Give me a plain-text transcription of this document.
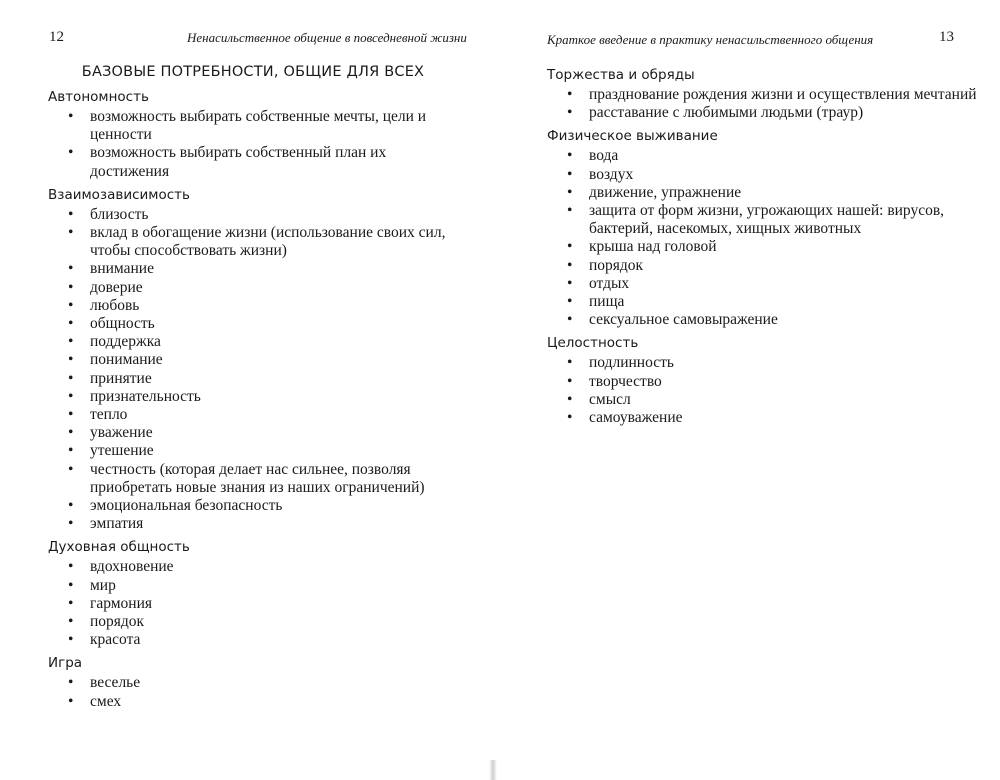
12	Ненасильственное общение в повседневной жизни
БАЗОВЫЕ ПОТРЕБНОСТИ, ОБЩИЕ ДЛЯ ВСЕХ
Автономность
• возможность выбирать собственные мечты, цели и ценности
• возможность выбирать собственный план их достижения
Взаимозависимость
• близость
• вклад в обогащение жизни (использование своих сил, чтобы способствовать жизни)
• внимание
• доверие
• любовь
• общность
• поддержка
• понимание
• принятие
• признательность
• тепло
• уважение
• утешение
• честность (которая делает нас сильнее, позволяя приобретать новые знания из наших ограничений)
• эмоциональная безопасность
• эмпатия
Духовная общность
• вдохновение
• мир
• гармония
• порядок
• красота
Игра
• веселье
• смех
Краткое введение в практику ненасильственного общения	13
Торжества и обряды
• празднование рождения жизни и осуществления мечтаний
• расставание с любимыми людьми (траур)
Физическое выживание
• вода
• воздух
• движение, упражнение
• защита от форм жизни, угрожающих нашей: вирусов, бактерий, насекомых, хищных животных
• крыша над головой
• порядок
• отдых
• пища
• сексуальное самовыражение
Целостность
• подлинность
• творчество
• смысл
• самоуважение
